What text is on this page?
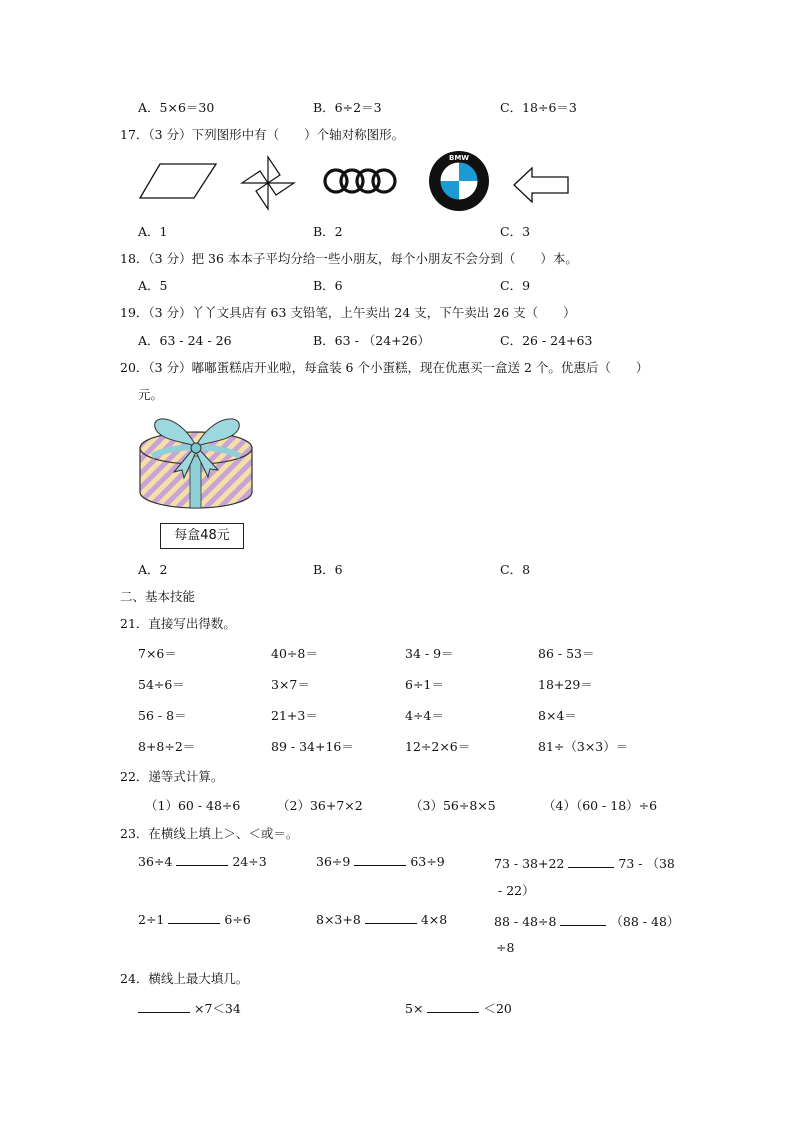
A．5×6＝30	B．6÷2＝3	C．18÷6＝3
17．（3 分）下列图形中有（　　）个轴对称图形。
BMW
A．1	B．2	C．3
18．（3 分）把 36 本本子平均分给一些小朋友，每个小朋友不会分到（　　）本。
A．5	B．6	C．9
19．（3 分）丫丫文具店有 63 支铅笔，上午卖出 24 支，下午卖出 26 支（　　）
A．63 - 24 - 26	B．63 - （24+26）	C．26 - 24+63
20．（3 分）嘟嘟蛋糕店开业啦，每盒装 6 个小蛋糕，现在优惠买一盒送 2 个。优惠后（　　）
元。
每盒48元
A．2	B．6	C．8
二、基本技能
21．直接写出得数。
7×6＝	40÷8＝	34 - 9＝	86 - 53＝
54÷6＝	3×7＝	6÷1＝	18+29＝
56 - 8＝	21+3＝	4÷4＝	8×4＝
8+8÷2＝	89 - 34+16＝	12÷2×6＝	81÷（3×3）＝
22．递等式计算。
（1）60 - 48÷6	（2）36+7×2	（3）56÷8×5	（4）（60 - 18）÷6
23．在横线上填上＞、＜或＝。
36÷4	24÷3	36÷9	63÷9	73 - 38+22	73 - （38
- 22）
2÷1	6÷6	8×3+8	4×8	88 - 48÷8	（88 - 48）
÷8
24．横线上最大填几。
×7＜34	5×	＜20
